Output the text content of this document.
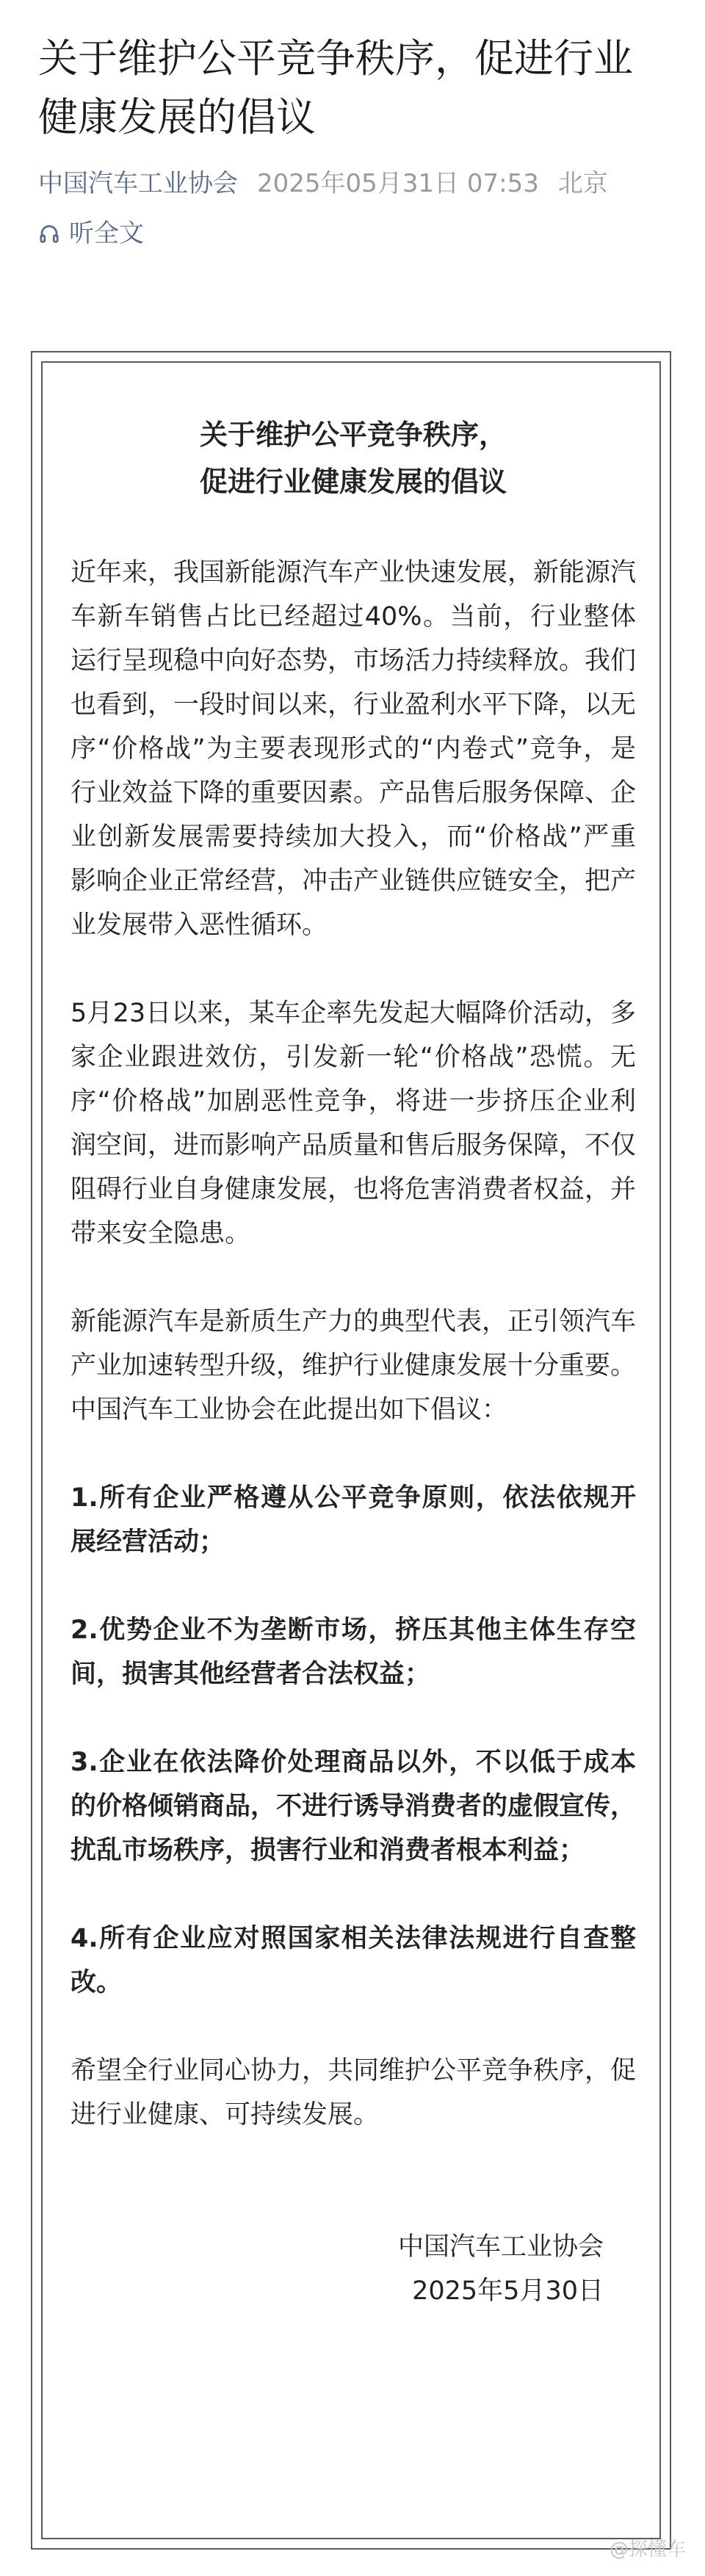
关于维护公平竞争秩序，促进行业健康发展的倡议
中国汽车工业协会 2025年05月31日 07:53 北京
听全文

关于维护公平竞争秩序，

促进行业健康发展的倡议

近年来，我国新能源汽车产业快速发展，新能源汽车新车销售占比已经超过40%。当前，行业整体运行呈现稳中向好态势，市场活力持续释放。我们也看到，一段时间以来，行业盈利水平下降，以无序“价格战”为主要表现形式的“内卷式”竞争，是行业效益下降的重要因素。产品售后服务保障、企业创新发展需要持续加大投入，而“价格战”严重影响企业正常经营，冲击产业链供应链安全，把产业发展带入恶性循环。

5月23日以来，某车企率先发起大幅降价活动，多家企业跟进效仿，引发新一轮“价格战”恐慌。无序“价格战”加剧恶性竞争，将进一步挤压企业利润空间，进而影响产品质量和售后服务保障，不仅阻碍行业自身健康发展，也将危害消费者权益，并带来安全隐患。

新能源汽车是新质生产力的典型代表，正引领汽车产业加速转型升级，维护行业健康发展十分重要。中国汽车工业协会在此提出如下倡议：

1.所有企业严格遵从公平竞争原则，依法依规开展经营活动；

2.优势企业不为垄断市场，挤压其他主体生存空间，损害其他经营者合法权益；

3.企业在依法降价处理商品以外，不以低于成本的价格倾销商品，不进行诱导消费者的虚假宣传，扰乱市场秩序，损害行业和消费者根本利益；

4.所有企业应对照国家相关法律法规进行自查整改。

希望全行业同心协力，共同维护公平竞争秩序，促进行业健康、可持续发展。

中国汽车工业协会
2025年5月30日
@探懂车
